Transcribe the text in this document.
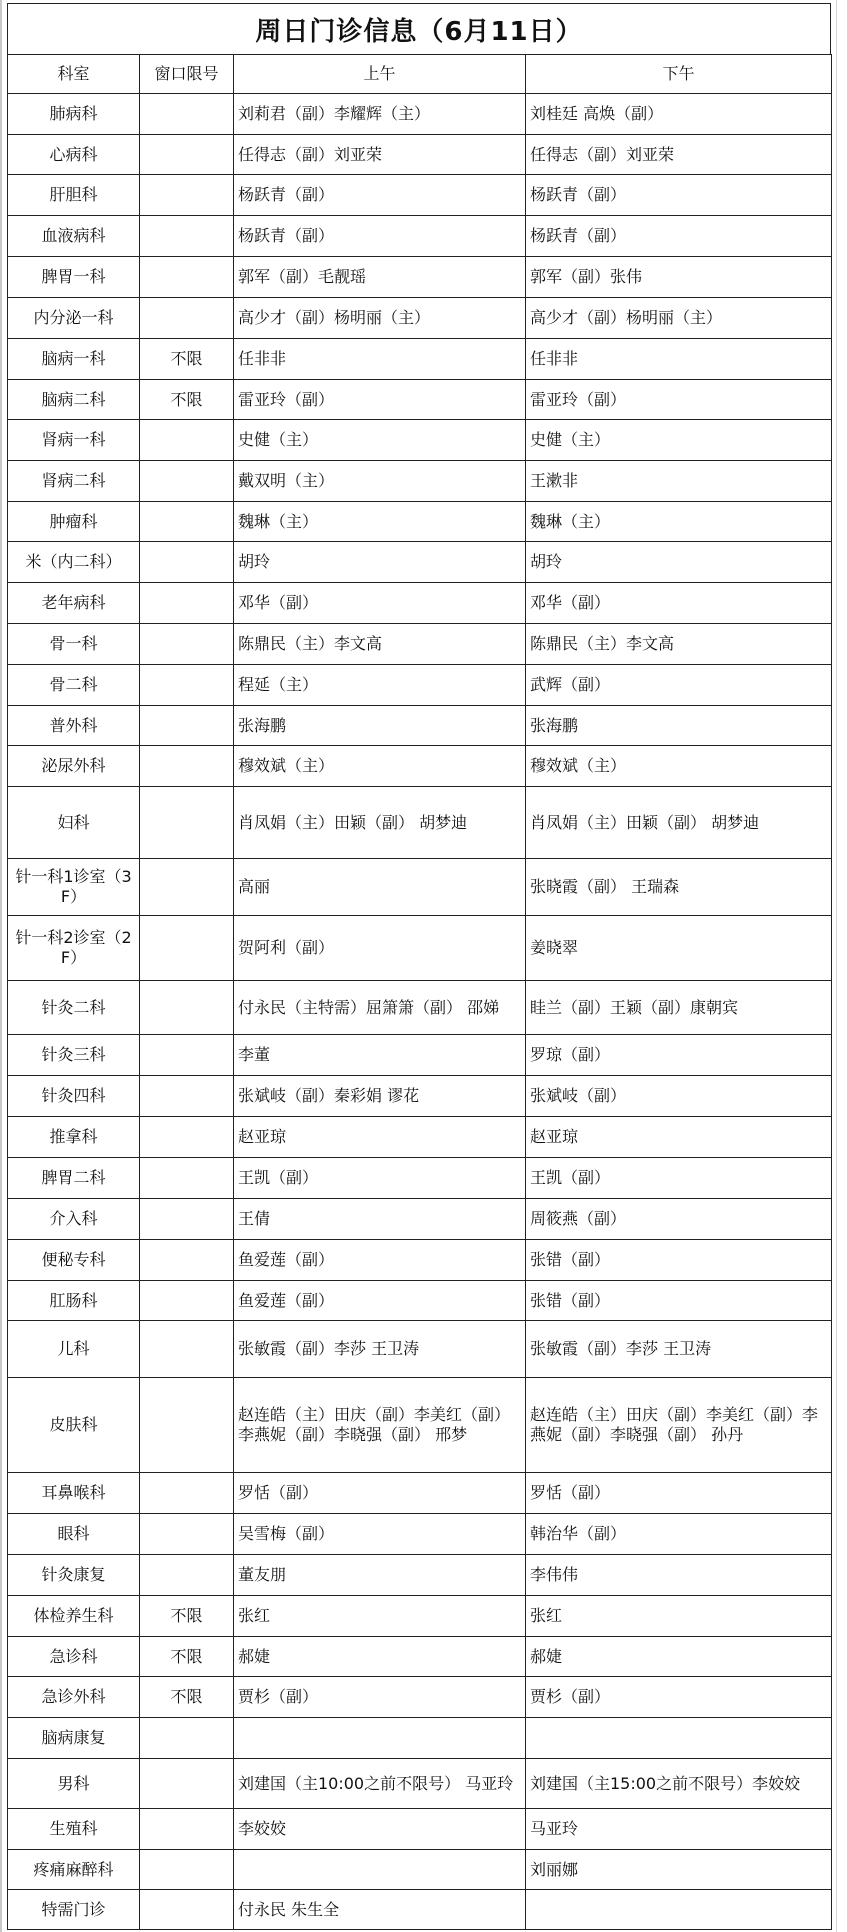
周日门诊信息（6月11日）
科室	窗口限号	上午	下午
肺病科		刘莉君（副）李耀辉（主）	刘桂廷 高焕（副）
心病科		任得志（副）刘亚荣	任得志（副）刘亚荣
肝胆科		杨跃青（副）	杨跃青（副）
血液病科		杨跃青（副）	杨跃青（副）
脾胃一科		郭军（副）毛靓瑶	郭军（副）张伟
内分泌一科		高少才（副）杨明丽（主）	高少才（副）杨明丽（主）
脑病一科	不限	任非非	任非非
脑病二科	不限	雷亚玲（副）	雷亚玲（副）
肾病一科		史健（主）	史健（主）
肾病二科		戴双明（主）	王漱非
肿瘤科		魏琳（主）	魏琳（主）
米（内二科）		胡玲	胡玲
老年病科		邓华（副）	邓华（副）
骨一科		陈鼎民（主）李文高	陈鼎民（主）李文高
骨二科		程延（主）	武辉（副）
普外科		张海鹏	张海鹏
泌尿外科		穆效斌（主）	穆效斌（主）
妇科		肖凤娟（主）田颖（副） 胡梦迪	肖凤娟（主）田颖（副） 胡梦迪
针一科1诊室（3F）		高丽	张晓霞（副） 王瑞森
针一科2诊室（2F）		贺阿利（副）	姜晓翠
针灸二科		付永民（主特需）屈箫箫（副） 邵娣	眭兰（副）王颖（副）康朝宾
针灸三科		李董	罗琼（副）
针灸四科		张斌岐（副）秦彩娟 谬花	张斌岐（副）
推拿科		赵亚琼	赵亚琼
脾胃二科		王凯（副）	王凯（副）
介入科		王倩	周筱燕（副）
便秘专科		鱼爱莲（副）	张错（副）
肛肠科		鱼爱莲（副）	张错（副）
儿科		张敏霞（副）李莎 王卫涛	张敏霞（副）李莎 王卫涛
皮肤科		赵连皓（主）田庆（副）李美红（副）李燕妮（副）李晓强（副） 邢梦	赵连皓（主）田庆（副）李美红（副）李燕妮（副）李晓强（副） 孙丹
耳鼻喉科		罗恬（副）	罗恬（副）
眼科		吴雪梅（副）	韩治华（副）
针灸康复		董友朋	李伟伟
体检养生科	不限	张红	张红
急诊科	不限	郝婕	郝婕
急诊外科	不限	贾杉（副）	贾杉（副）
脑病康复			
男科		刘建国（主10:00之前不限号） 马亚玲	刘建国（主15:00之前不限号）李姣姣
生殖科		李姣姣	马亚玲
疼痛麻醉科			刘丽娜
特需门诊		付永民 朱生全	
